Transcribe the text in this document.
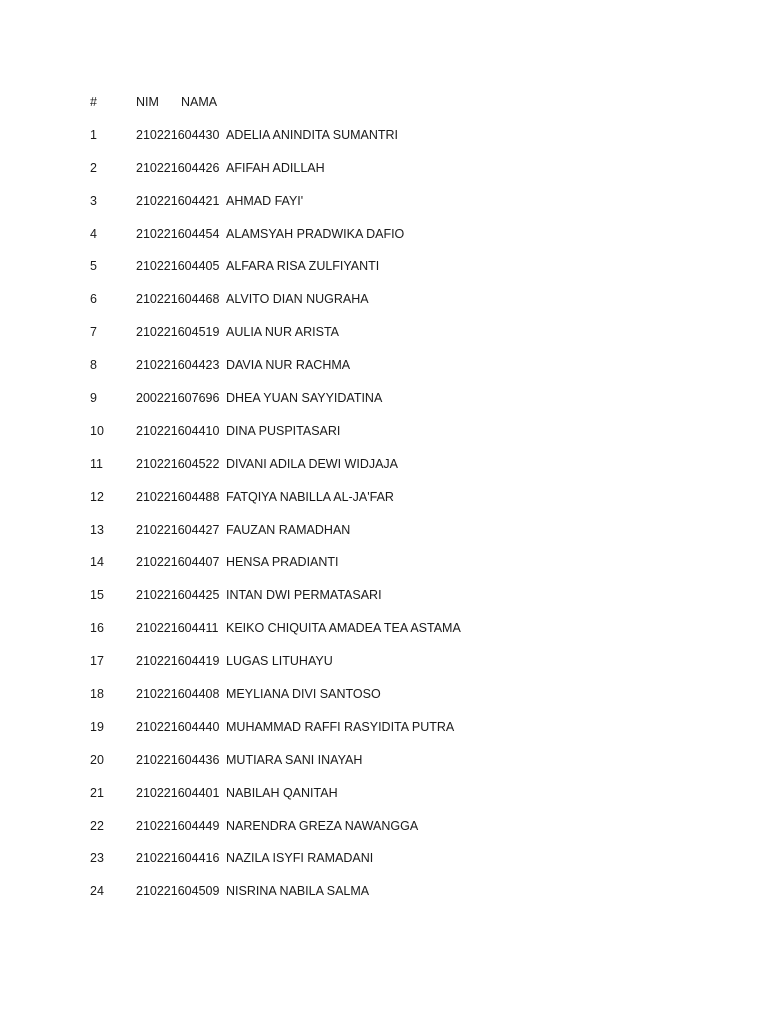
#	NIM NAMA
1	210221604430 ADELIA ANINDITA SUMANTRI
2	210221604426 AFIFAH ADILLAH
3	210221604421 AHMAD FAYI'
4	210221604454 ALAMSYAH PRADWIKA DAFIO
5	210221604405 ALFARA RISA ZULFIYANTI
6	210221604468 ALVITO DIAN NUGRAHA
7	210221604519 AULIA NUR ARISTA
8	210221604423 DAVIA NUR RACHMA
9	200221607696 DHEA YUAN SAYYIDATINA
10	210221604410 DINA PUSPITASARI
11	210221604522 DIVANI ADILA DEWI WIDJAJA
12	210221604488 FATQIYA NABILLA AL-JA'FAR
13	210221604427 FAUZAN RAMADHAN
14	210221604407 HENSA PRADIANTI
15	210221604425 INTAN DWI PERMATASARI
16	210221604411 KEIKO CHIQUITA AMADEA TEA ASTAMA
17	210221604419 LUGAS LITUHAYU
18	210221604408 MEYLIANA DIVI SANTOSO
19	210221604440 MUHAMMAD RAFFI RASYIDITA PUTRA
20	210221604436 MUTIARA SANI INAYAH
21	210221604401 NABILAH QANITAH
22	210221604449 NARENDRA GREZA NAWANGGA
23	210221604416 NAZILA ISYFI RAMADANI
24	210221604509 NISRINA NABILA SALMA
